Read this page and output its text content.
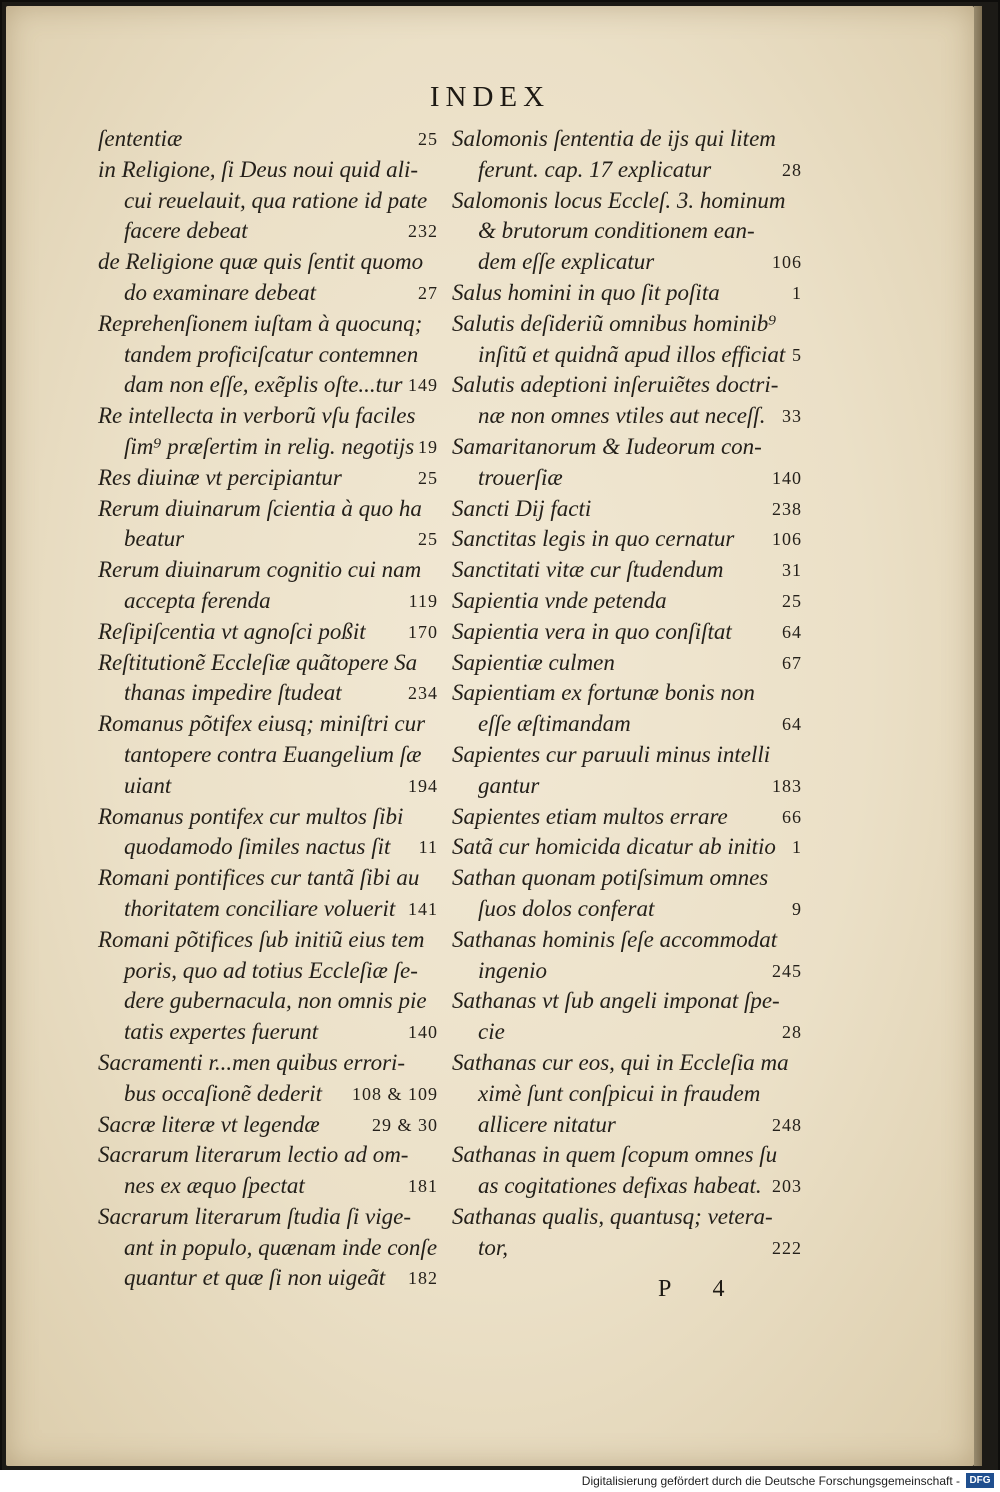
INDEX
ſententiæ	25
in Religione, ſi Deus noui quid ali-
cui reuelauit, qua ratione id pate
facere debeat	232
de Religione quæ quis ſentit quomo
do examinare debeat	27
Reprehenſionem iuſtam à quocunq;
tandem proficiſcatur contemnen
dam non eſſe, exẽplis oſte...tur 149
Re intellecta in verborũ vſu faciles
ſim⁹ præſertim in relig. negotijs 19
Res diuinæ vt percipiantur	25
Rerum diuinarum ſcientia à quo ha
beatur	25
Rerum diuinarum cognitio cui nam
accepta ferenda	119
Reſipiſcentia vt agnoſci poßit	170
Reſtitutionẽ Eccleſiæ quãtopere Sa
thanas impedire ſtudeat	234
Romanus põtifex eiusq; miniſtri cur
tantopere contra Euangelium ſæ
uiant	194
Romanus pontifex cur multos ſibi
quodamodo ſimiles nactus ſit	11
Romani pontifices cur tantã ſibi au
thoritatem conciliare voluerit 141
Romani põtifices ſub initiũ eius tem
poris, quo ad totius Eccleſiæ ſe-
dere gubernacula, non omnis pie
tatis expertes fuerunt	140
Sacramenti r...men quibus errori-
bus occaſionẽ dederit	108 & 109
Sacræ literæ vt legendæ	29 & 30
Sacrarum literarum lectio ad om-
nes ex æquo ſpectat	181
Sacrarum literarum ſtudia ſi vige-
ant in populo, quænam inde conſe
quantur et quæ ſi non uigeãt	182
Salomonis ſententia de ijs qui litem
ferunt. cap. 17 explicatur	28
Salomonis locus Eccleſ. 3. hominum
& brutorum conditionem ean-
dem eſſe explicatur	106
Salus homini in quo ſit poſita	1
Salutis deſideriũ omnibus hominib⁹
inſitũ et quidnã apud illos efficiat 5
Salutis adeptioni inſeruiẽtes doctri-
næ non omnes vtiles aut neceſſ. 33
Samaritanorum & Iudeorum con-
trouerſiæ	140
Sancti Dij facti	238
Sanctitas legis in quo cernatur	106
Sanctitati vitæ cur ſtudendum	31
Sapientia vnde petenda	25
Sapientia vera in quo conſiſtat	64
Sapientiæ culmen	67
Sapientiam ex fortunæ bonis non
eſſe æſtimandam	64
Sapientes cur paruuli minus intelli
gantur	183
Sapientes etiam multos errare	66
Satã cur homicida dicatur ab initio 1
Sathan quonam potiſsimum omnes
ſuos dolos conferat	9
Sathanas hominis ſeſe accommodat
ingenio	245
Sathanas vt ſub angeli imponat ſpe-
cie	28
Sathanas cur eos, qui in Eccleſia ma
ximè ſunt conſpicui in fraudem
allicere nitatur	248
Sathanas in quem ſcopum omnes ſu
as cogitationes defixas habeat. 203
Sathanas qualis, quantusq; vetera-
tor,	222
P 4
Digitalisierung gefördert durch die Deutsche Forschungsgemeinschaft - DFG
